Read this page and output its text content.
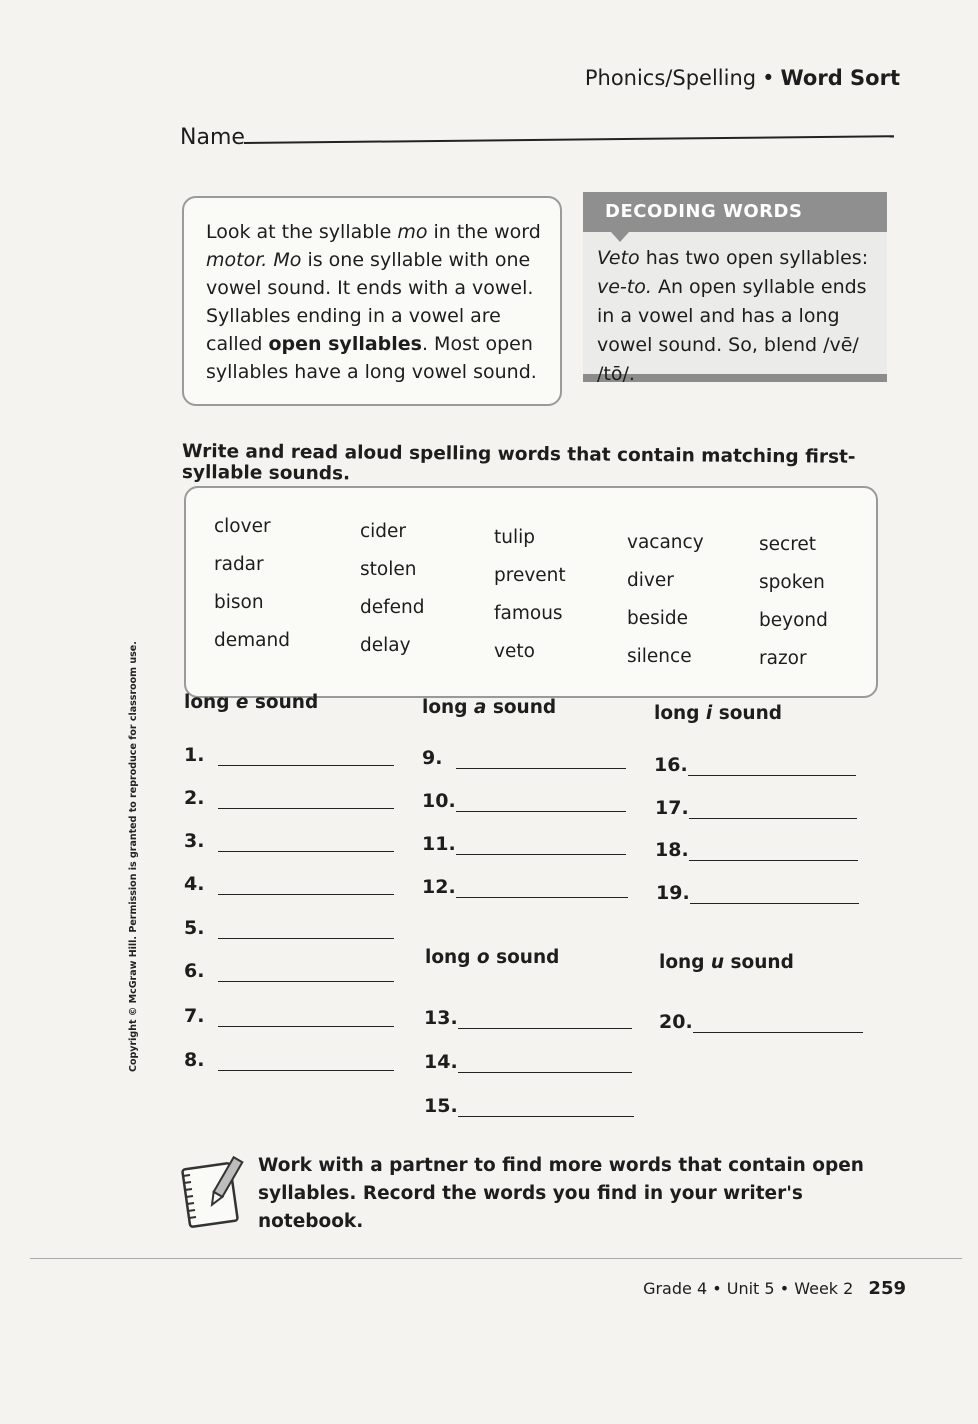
Phonics/Spelling • Word Sort
Name
Look at the syllable mo in the word motor. Mo is one syllable with one vowel sound. It ends with a vowel. Syllables ending in a vowel are called open syllables. Most open syllables have a long vowel sound.
DECODING WORDS
Veto has two open syllables: ve-to. An open syllable ends in a vowel and has a long vowel sound. So, blend /vē/ /tō/.
Write and read aloud spelling words that contain matching first-syllable sounds.
clover
radar
bison
demand
cider
stolen
defend
delay
tulip
prevent
famous
veto
vacancy
diver
beside
silence
secret
spoken
beyond
razor
long e sound	long a sound	long i sound
long o sound	long u sound
1.
2.
3.
4.
5.
6.
7.
8.
9.
10.
11.
12.
13.
14.
15.
16.
17.
18.
19.
20.
Copyright © McGraw Hill. Permission is granted to reproduce for classroom use.
Work with a partner to find more words that contain open syllables. Record the words you find in your writer's notebook.
Grade 4 • Unit 5 • Week 2 259
